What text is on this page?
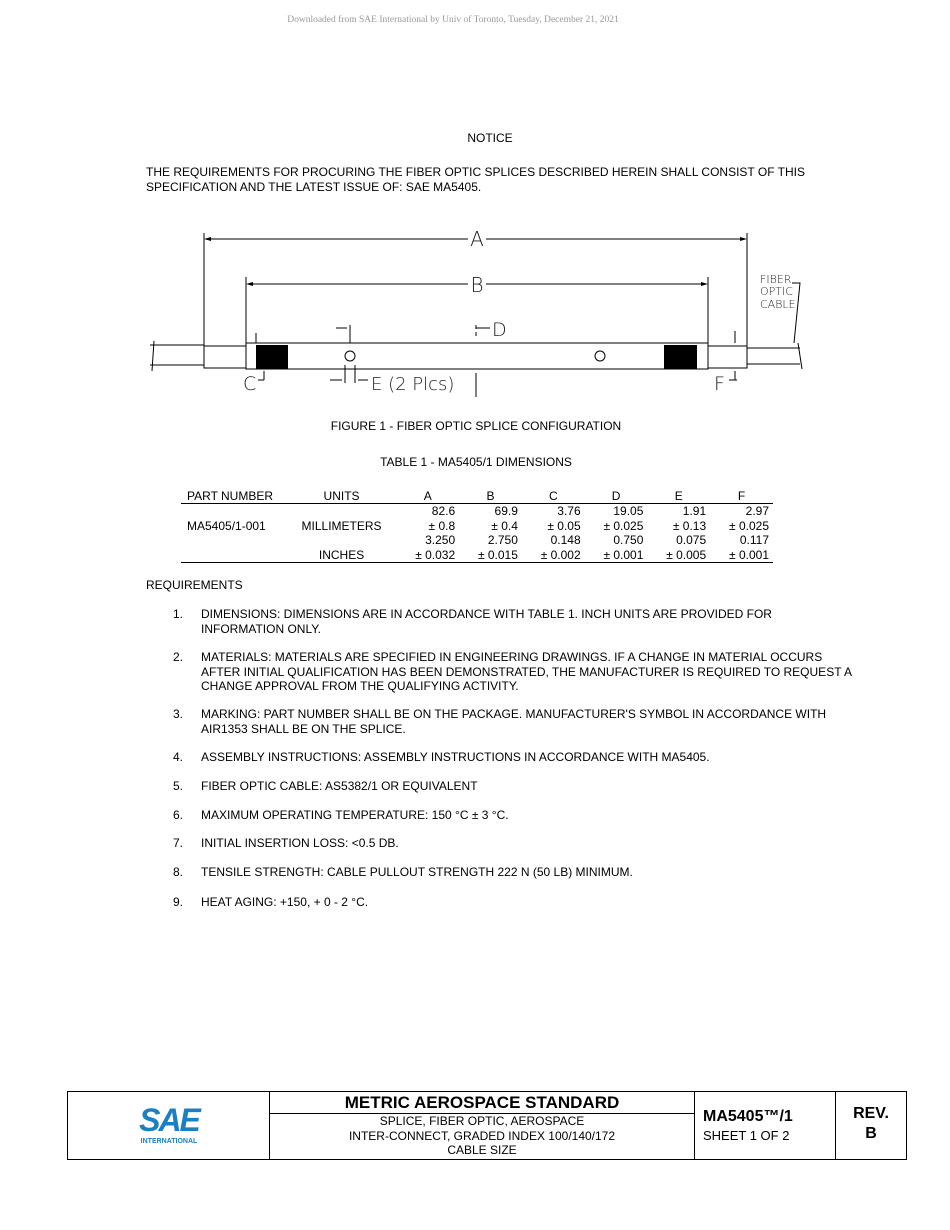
Downloaded from SAE International by Univ of Toronto, Tuesday, December 21, 2021
NOTICE
THE REQUIREMENTS FOR PROCURING THE FIBER OPTIC SPLICES DESCRIBED HEREIN SHALL CONSIST OF THIS SPECIFICATION AND THE LATEST ISSUE OF: SAE MA5405.
A
B
C
D
E (2 Plcs)	F
FIBER
OPTIC
CABLE
FIGURE 1 - FIBER OPTIC SPLICE CONFIGURATION
TABLE 1 - MA5405/1 DIMENSIONS
PART NUMBER	UNITS	A	B	C	D	E	F
		82.6	69.9	3.76	19.05	1.91	2.97
MA5405/1-001	MILLIMETERS	± 0.8	± 0.4	± 0.05	± 0.025	± 0.13	± 0.025
		3.250	2.750	0.148	0.750	0.075	0.117
	INCHES	± 0.032	± 0.015	± 0.002	± 0.001	± 0.005	± 0.001
REQUIREMENTS
1. DIMENSIONS: DIMENSIONS ARE IN ACCORDANCE WITH TABLE 1. INCH UNITS ARE PROVIDED FOR INFORMATION ONLY.
2. MATERIALS: MATERIALS ARE SPECIFIED IN ENGINEERING DRAWINGS. IF A CHANGE IN MATERIAL OCCURS AFTER INITIAL QUALIFICATION HAS BEEN DEMONSTRATED, THE MANUFACTURER IS REQUIRED TO REQUEST A CHANGE APPROVAL FROM THE QUALIFYING ACTIVITY.
3. MARKING: PART NUMBER SHALL BE ON THE PACKAGE. MANUFACTURER'S SYMBOL IN ACCORDANCE WITH AIR1353 SHALL BE ON THE SPLICE.
4. ASSEMBLY INSTRUCTIONS: ASSEMBLY INSTRUCTIONS IN ACCORDANCE WITH MA5405.
5. FIBER OPTIC CABLE: AS5382/1 OR EQUIVALENT
6. MAXIMUM OPERATING TEMPERATURE: 150 °C ± 3 °C.
7. INITIAL INSERTION LOSS: <0.5 DB.
8. TENSILE STRENGTH: CABLE PULLOUT STRENGTH 222 N (50 LB) MINIMUM.
9. HEAT AGING: +150, + 0 - 2 °C.
SAE
INTERNATIONAL
METRIC AEROSPACE STANDARD
SPLICE, FIBER OPTIC, AEROSPACE
INTER-CONNECT, GRADED INDEX 100/140/172
CABLE SIZE
MA5405™/1
SHEET 1 OF 2
REV.
B
